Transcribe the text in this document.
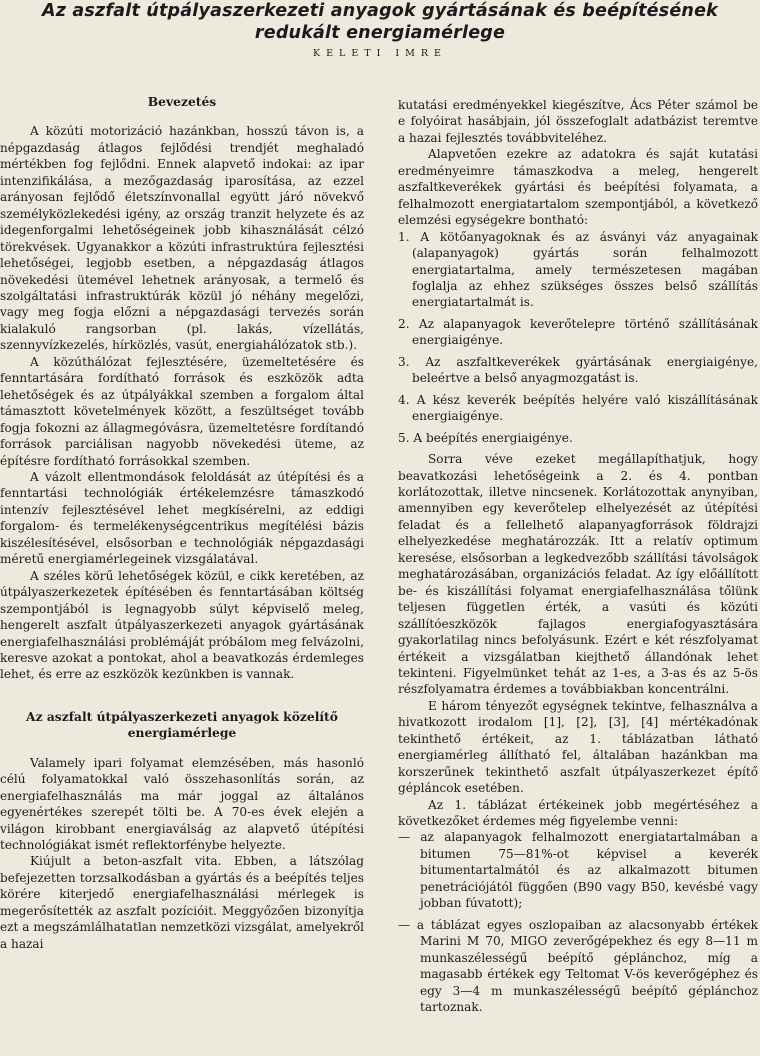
Az aszfalt útpályaszerkezeti anyagok gyártásának és beépítésének
redukált energiamérlege
KELETI IMRE

Bevezetés

A közúti motorizáció hazánkban, hosszú távon is, a népgazdaság átlagos fejlődési trendjét meghaladó mértékben fog fejlődni. Ennek alapvető indokai: az ipar intenzifikálása, a mezőgazdaság iparosítása, az ezzel arányosan fejlődő életszínvonallal együtt járó növekvő személyközlekedési igény, az ország tranzit helyzete és az idegenforgalmi lehetőségeinek jobb kihasználását célzó törekvések. Ugyanakkor a közúti infrastruktúra fejlesztési lehetőségei, legjobb esetben, a népgazdaság átlagos növekedési ütemével lehetnek arányosak, a termelő és szolgáltatási infrastruktúrák közül jó néhány megelőzi, vagy meg fogja előzni a népgazdasági tervezés során kialakuló rangsorban (pl. lakás, vízellátás, szennyvízkezelés, hírközlés, vasút, energiahálózatok stb.).

A közúthálózat fejlesztésére, üzemeltetésére és fenntartására fordítható források és eszközök adta lehetőségek és az útpályákkal szemben a forgalom által támasztott követelmények között, a feszültséget tovább fogja fokozni az állagmegóvásra, üzemeltetésre fordítandó források parciálisan nagyobb növekedési üteme, az építésre fordítható forrásokkal szemben.

A vázolt ellentmondások feloldását az útépítési és a fenntartási technológiák értékelemzésre támaszkodó intenzív fejlesztésével lehet megkísérelni, az eddigi forgalom- és termelékenységcentrikus megítélési bázis kiszélesítésével, elsősorban e technológiák népgazdasági méretű energiamérlegeinek vizsgálatával.

A széles körű lehetőségek közül, e cikk keretében, az útpályaszerkezetek építésében és fenntartásában költség szempontjából is legnagyobb súlyt képviselő meleg, hengerelt aszfalt útpályaszerkezeti anyagok gyártásának energiafelhasználási problémáját próbálom meg felvázolni, keresve azokat a pontokat, ahol a beavatkozás érdemleges lehet, és erre az eszközök kezünkben is vannak.

Az aszfalt útpályaszerkezeti anyagok közelítő energiamérlege

Valamely ipari folyamat elemzésében, más hasonló célú folyamatokkal való összehasonlítás során, az energiafelhasználás ma már joggal az általános egyenértékes szerepét tölti be. A 70-es évek elején a világon kirobbant energiaválság az alapvető útépítési technológiákat ismét reflektorfénybe helyezte.

Kiújult a beton-aszfalt vita. Ebben, a látszólag befejezetten torzsalkodásban a gyártás és a beépítés teljes körére kiterjedő energiafelhasználási mérlegek is megerősítették az aszfalt pozícióit. Meggyőzően bizonyítja ezt a megszámlálhatatlan nemzetközi vizsgálat, amelyekről a hazai

kutatási eredményekkel kiegészítve, Ács Péter számol be e folyóirat hasábjain, jól összefoglalt adatbázist teremtve a hazai fejlesztés továbbviteléhez.

Alapvetően ezekre az adatokra és saját kutatási eredményeimre támaszkodva a meleg, hengerelt aszfaltkeverékek gyártási és beépítési folyamata, a felhalmozott energiatartalom szempontjából, a következő elemzési egységekre bontható:

1. A kötőanyagoknak és az ásványi váz anyagainak (alapanyagok) gyártás során felhalmozott energiatartalma, amely természetesen magában foglalja az ehhez szükséges összes belső szállítás energiatartalmát is.

2. Az alapanyagok keverőtelepre történő szállításának energiaigénye.

3. Az aszfaltkeverékek gyártásának energiaigénye, beleértve a belső anyagmozgatást is.

4. A kész keverék beépítés helyére való kiszállításának energiaigénye.

5. A beépítés energiaigénye.

Sorra véve ezeket megállapíthatjuk, hogy beavatkozási lehetőségeink a 2. és 4. pontban korlátozottak, illetve nincsenek. Korlátozottak anynyiban, amennyiben egy keverőtelep elhelyezését az útépítési feladat és a fellelhető alapanyagforrások földrajzi elhelyezkedése meghatározzák. Itt a relatív optimum keresése, elsősorban a legkedvezőbb szállítási távolságok meghatározásában, organizációs feladat. Az így előállított be- és kiszállítási folyamat energiafelhasználása tőlünk teljesen független érték, a vasúti és közúti szállítóeszközök fajlagos energiafogyasztására gyakorlatilag nincs befolyásunk. Ezért e két részfolyamat értékeit a vizsgálatban kiejthető állandónak lehet tekinteni. Figyelmünket tehát az 1-es, a 3-as és az 5-ös részfolyamatra érdemes a továbbiakban koncentrálni.

E három tényezőt egységnek tekintve, felhasználva a hivatkozott irodalom [1], [2], [3], [4] mértékadónak tekinthető értékeit, az 1. táblázatban látható energiamérleg állítható fel, általában hazánkban ma korszerűnek tekinthető aszfalt útpályaszerkezet építő gépláncok esetében.

Az 1. táblázat értékeinek jobb megértéséhez a következőket érdemes még figyelembe venni:

— az alapanyagok felhalmozott energiatartalmában a bitumen 75—81%-ot képvisel a keverék bitumentartalmától és az alkalmazott bitumen penetrációjától függően (B90 vagy B50, kevésbé vagy jobban fúvatott);

— a táblázat egyes oszlopaiban az alacsonyabb értékek Marini M 70, MIGO zeverőgépekhez és egy 8—11 m munkaszélességű beépítő géplánchoz, míg a magasabb értékek egy Teltomat V-ös keverőgéphez és egy 3—4 m munkaszélességű beépítő géplánchoz tartoznak.
